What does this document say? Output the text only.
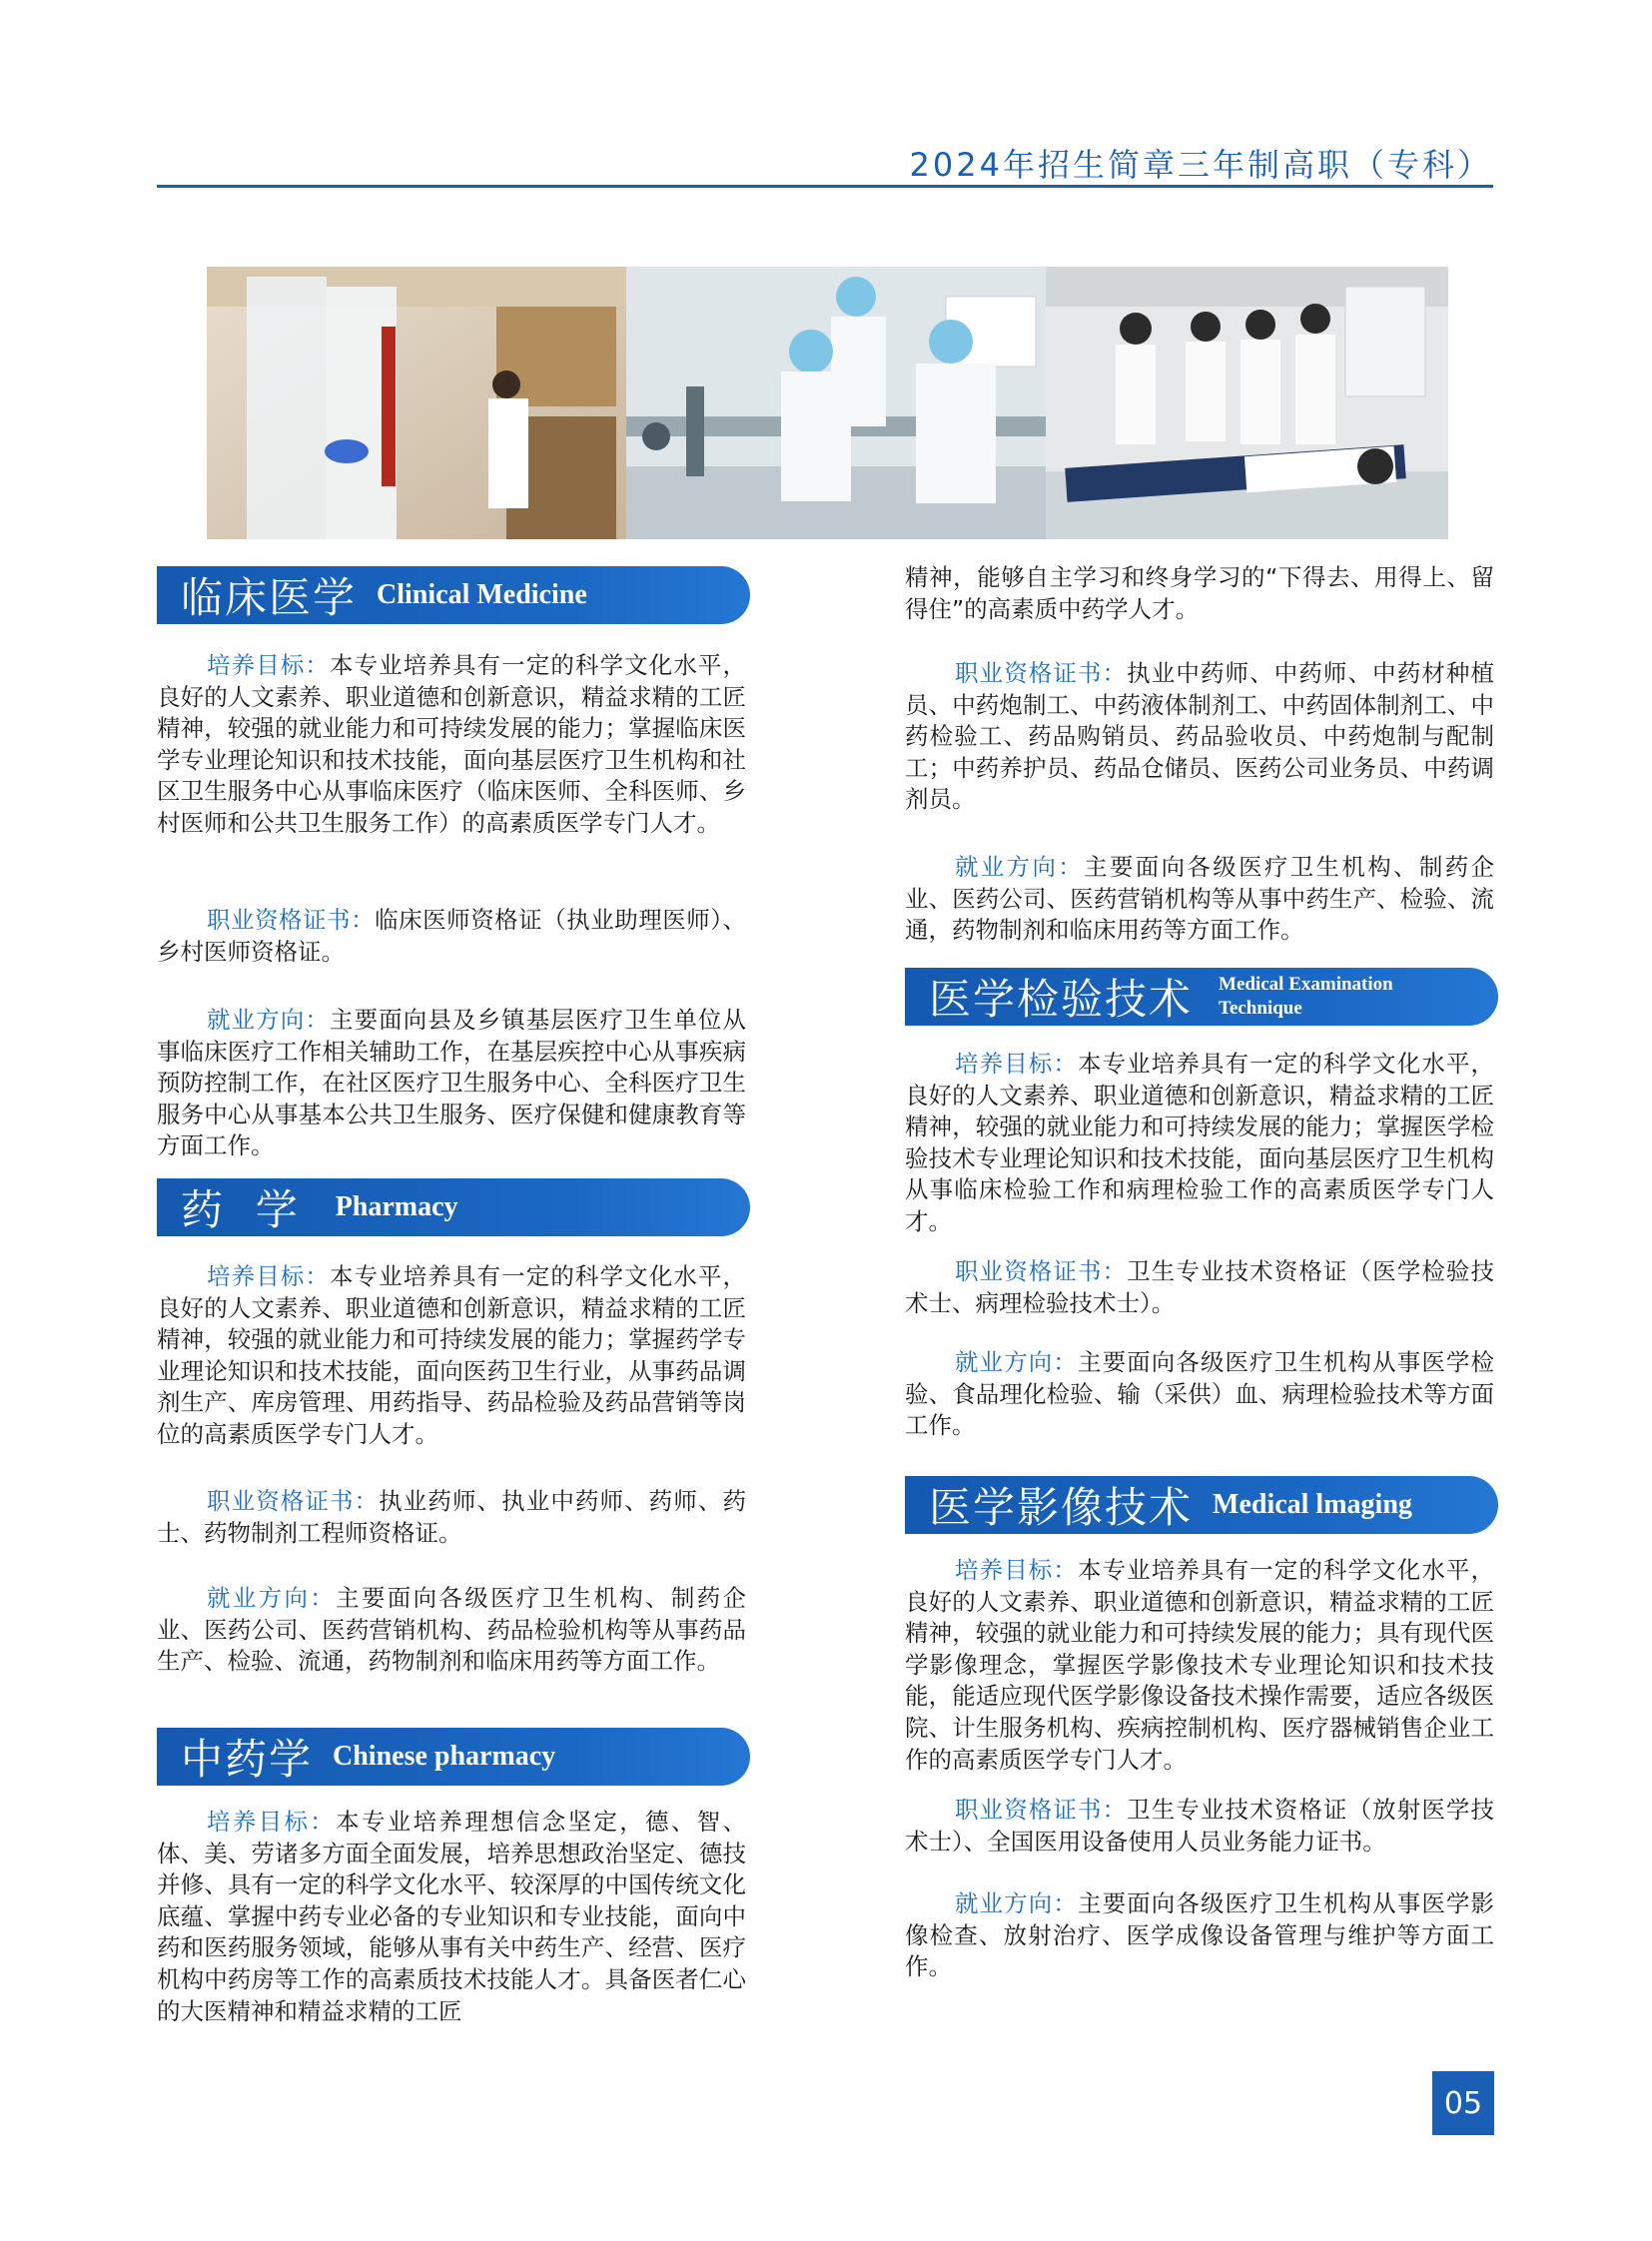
2024年招生简章三年制高职（专科）
临床医学 Clinical Medicine

培养目标：本专业培养具有一定的科学文化水平，良好的人文素养、职业道德和创新意识，精益求精的工匠精神，较强的就业能力和可持续发展的能力；掌握临床医学专业理论知识和技术技能，面向基层医疗卫生机构和社区卫生服务中心从事临床医疗（临床医师、全科医师、乡村医师和公共卫生服务工作）的高素质医学专门人才。

职业资格证书：临床医师资格证（执业助理医师）、乡村医师资格证。

就业方向：主要面向县及乡镇基层医疗卫生单位从事临床医疗工作相关辅助工作，在基层疾控中心从事疾病预防控制工作，在社区医疗卫生服务中心、全科医疗卫生服务中心从事基本公共卫生服务、医疗保健和健康教育等方面工作。

药  学 Pharmacy

培养目标：本专业培养具有一定的科学文化水平，良好的人文素养、职业道德和创新意识，精益求精的工匠精神，较强的就业能力和可持续发展的能力；掌握药学专业理论知识和技术技能，面向医药卫生行业，从事药品调剂生产、库房管理、用药指导、药品检验及药品营销等岗位的高素质医学专门人才。

职业资格证书：执业药师、执业中药师、药师、药士、药物制剂工程师资格证。

就业方向：主要面向各级医疗卫生机构、制药企业、医药公司、医药营销机构、药品检验机构等从事药品生产、检验、流通，药物制剂和临床用药等方面工作。

中药学 Chinese pharmacy

培养目标：本专业培养理想信念坚定，德、智、体、美、劳诸多方面全面发展，培养思想政治坚定、德技并修、具有一定的科学文化水平、较深厚的中国传统文化底蕴、掌握中药专业必备的专业知识和专业技能，面向中药和医药服务领域，能够从事有关中药生产、经营、医疗机构中药房等工作的高素质技术技能人才。具备医者仁心的大医精神和精益求精的工匠

精神，能够自主学习和终身学习的“下得去、用得上、留得住”的高素质中药学人才。

职业资格证书：执业中药师、中药师、中药材种植员、中药炮制工、中药液体制剂工、中药固体制剂工、中药检验工、药品购销员、药品验收员、中药炮制与配制工；中药养护员、药品仓储员、医药公司业务员、中药调剂员。

就业方向：主要面向各级医疗卫生机构、制药企业、医药公司、医药营销机构等从事中药生产、检验、流通，药物制剂和临床用药等方面工作。

医学检验技术 Medical Examination
Technique

培养目标：本专业培养具有一定的科学文化水平，良好的人文素养、职业道德和创新意识，精益求精的工匠精神，较强的就业能力和可持续发展的能力；掌握医学检验技术专业理论知识和技术技能，面向基层医疗卫生机构从事临床检验工作和病理检验工作的高素质医学专门人才。

职业资格证书：卫生专业技术资格证（医学检验技术士、病理检验技术士）。

就业方向：主要面向各级医疗卫生机构从事医学检验、食品理化检验、输（采供）血、病理检验技术等方面工作。

医学影像技术 Medical lmaging

培养目标：本专业培养具有一定的科学文化水平，良好的人文素养、职业道德和创新意识，精益求精的工匠精神，较强的就业能力和可持续发展的能力；具有现代医学影像理念，掌握医学影像技术专业理论知识和技术技能，能适应现代医学影像设备技术操作需要，适应各级医院、计生服务机构、疾病控制机构、医疗器械销售企业工作的高素质医学专门人才。

职业资格证书：卫生专业技术资格证（放射医学技术士）、全国医用设备使用人员业务能力证书。

就业方向：主要面向各级医疗卫生机构从事医学影像检查、放射治疗、医学成像设备管理与维护等方面工作。

05
